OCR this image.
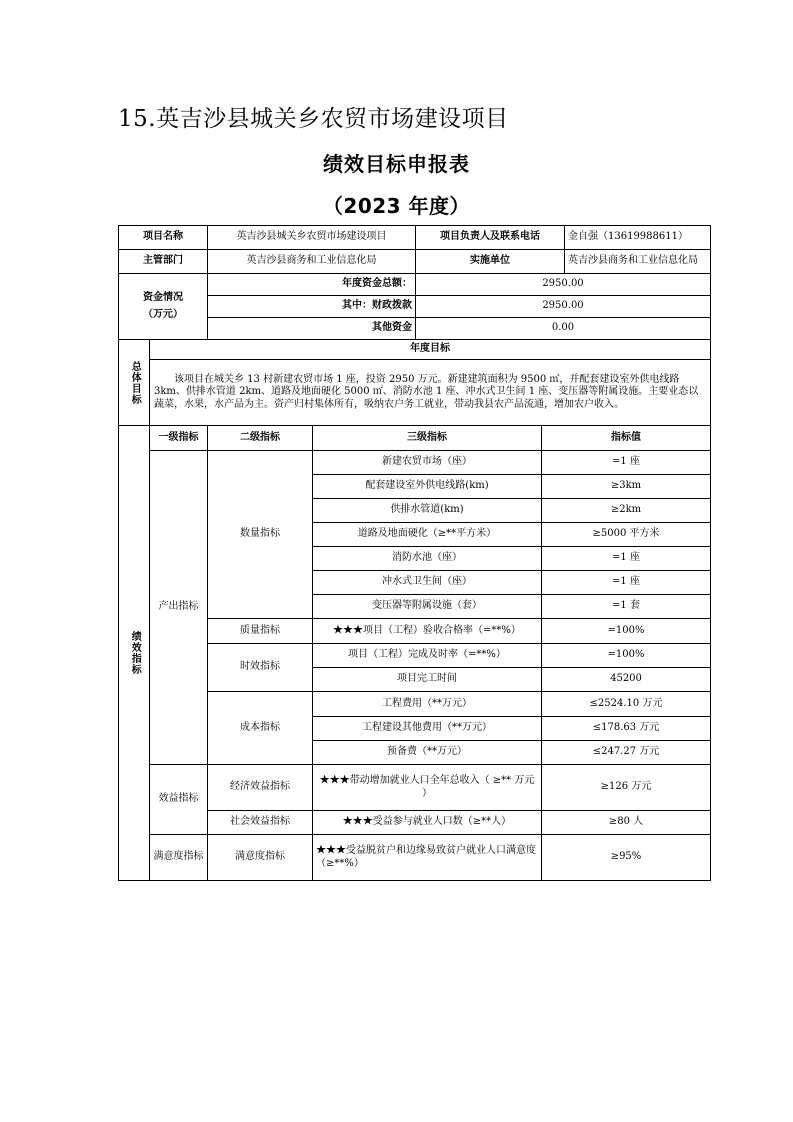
15.英吉沙县城关乡农贸市场建设项目
绩效目标申报表
（2023 年度）
项目名称		英吉沙县城关乡农贸市场建设项目		项目负责人及联系电话		金自强（13619988611）
主管部门		英吉沙县商务和工业信息化局		实施单位		英吉沙县商务和工业信息化局

资金情况
（万元）		年度资金总额：		2950.00		
		其中：财政拨款		2950.00		
		其他资金		0.00		

总体目标	年度目标					
	该项目在城关乡 13 村新建农贸市场 1 座，投资 2950 万元。新建建筑面积为 9500 ㎡，并配套建设室外供电线路 3km、供排水管道 2km、道路及地面硬化 5000 ㎡、消防水池 1 座、冲水式卫生间 1 座、变压器等附属设施。主要业态以蔬菜，水果，水产品为主。资产归村集体所有，吸纳农户务工就业，带动我县农产品流通，增加农户收入。					

绩效指标	一级指标	二级指标	三级指标		指标值	
	产出指标	数量指标	新建农贸市场（座）		=1 座	
			配套建设室外供电线路(km)		≥3km	
			供排水管道(km)		≥2km	
			道路及地面硬化（≥**平方米）		≥5000 平方米	
			消防水池（座）		=1 座	
			冲水式卫生间（座）		=1 座	
			变压器等附属设施（套）		=1 套	
		质量指标	★★★项目（工程）验收合格率（=**%）		=100%	
		时效指标	项目（工程）完成及时率（=**%）		=100%	
			项目完工时间		45200	
		成本指标	工程费用（**万元）		≤2524.10 万元	
			工程建设其他费用（**万元）		≤178.63 万元	
			预备费（**万元）		≤247.27 万元	
	效益指标	经济效益指标	★★★带动增加就业人口全年总收入（ ≥** 万元 ）		≥126 万元	
		社会效益指标	★★★受益参与就业人口数（≥**人）		≥80 人	
	满意度指标	满意度指标	★★★受益脱贫户和边缘易致贫户就业人口满意度（≥**%）		≥95%	
